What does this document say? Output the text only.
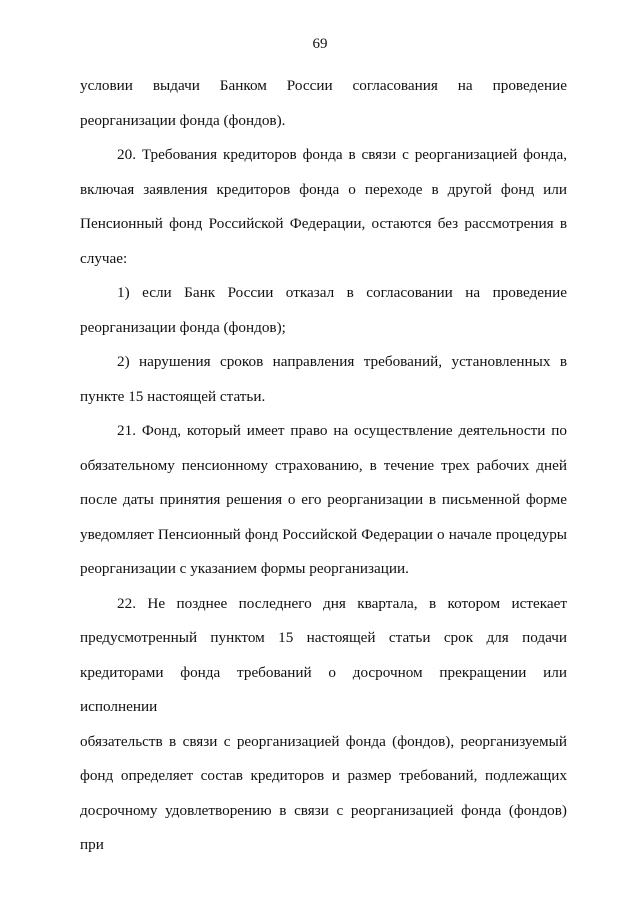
69

условии выдачи Банком России согласования на проведение

реорганизации фонда (фондов).

20. Требования кредиторов фонда в связи с реорганизацией фонда,

включая заявления кредиторов фонда о переходе в другой фонд или

Пенсионный фонд Российской Федерации, остаются без рассмотрения в

случае:

1) если Банк России отказал в согласовании на проведение

реорганизации фонда (фондов);

2) нарушения сроков направления требований, установленных в

пункте 15 настоящей статьи.

21. Фонд, который имеет право на осуществление деятельности по

обязательному пенсионному страхованию, в течение трех рабочих дней

после даты принятия решения о его реорганизации в письменной форме

уведомляет Пенсионный фонд Российской Федерации о начале процедуры

реорганизации с указанием формы реорганизации.

22. Не позднее последнего дня квартала, в котором истекает

предусмотренный пунктом 15 настоящей статьи срок для подачи

кредиторами фонда требований о досрочном прекращении или исполнении

обязательств в связи с реорганизацией фонда (фондов), реорганизуемый

фонд определяет состав кредиторов и размер требований, подлежащих

досрочному удовлетворению в связи с реорганизацией фонда (фондов) при
